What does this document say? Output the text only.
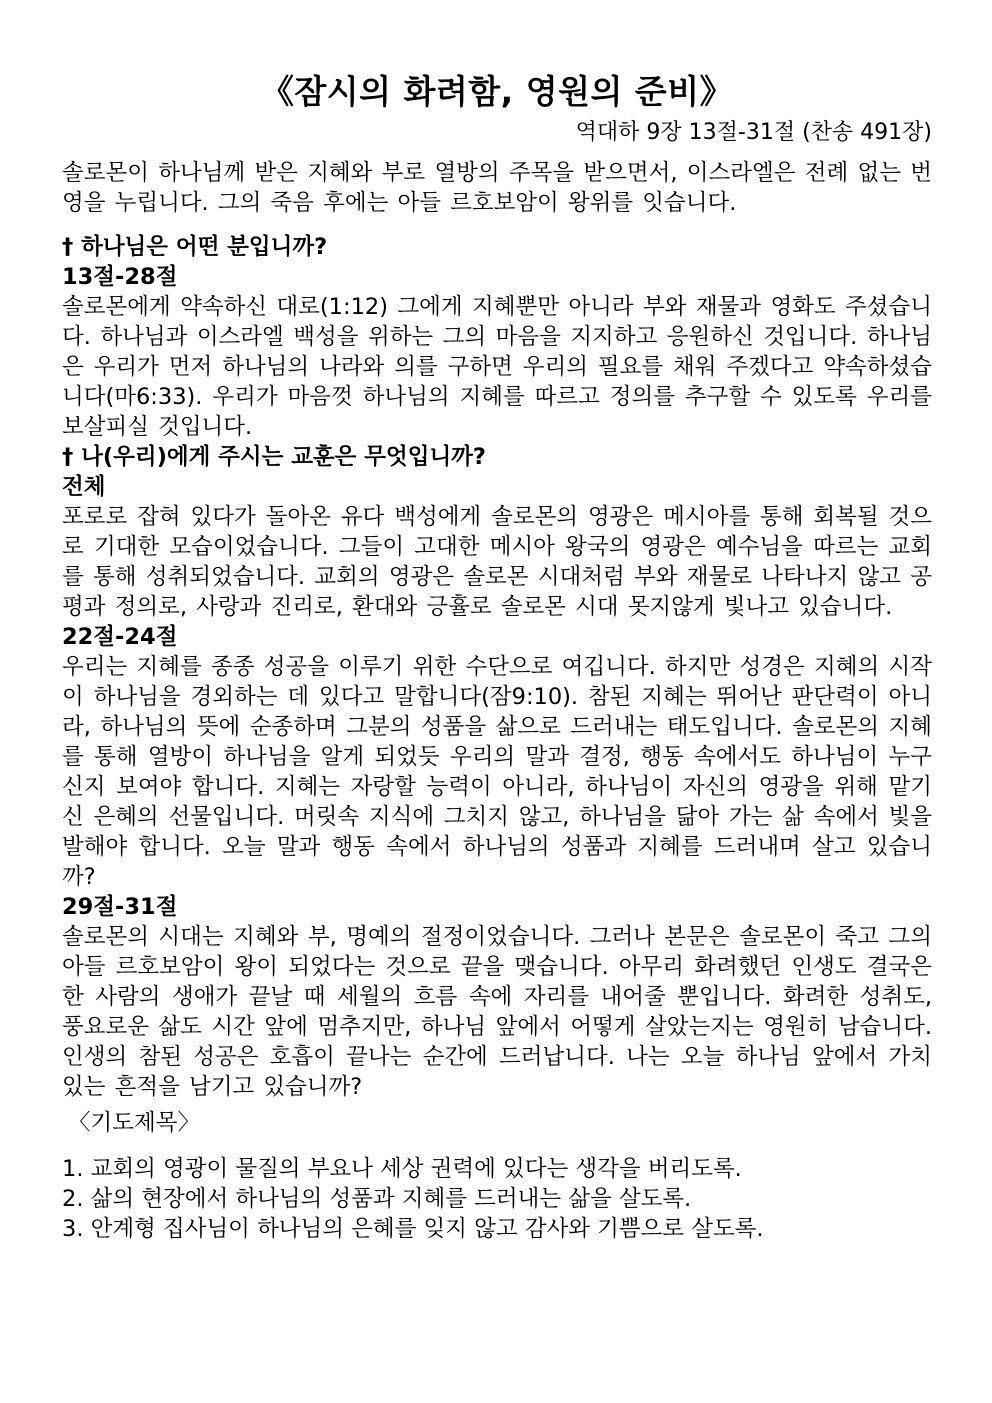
《잠시의 화려함, 영원의 준비》

역대하 9장 13절-31절 (찬송 491장)

솔로몬이 하나님께 받은 지혜와 부로 열방의 주목을 받으면서, 이스라엘은 전례 없는 번영을 누립니다. 그의 죽음 후에는 아들 르호보암이 왕위를 잇습니다.

† 하나님은 어떤 분입니까?

13절-28절

솔로몬에게 약속하신 대로(1:12) 그에게 지혜뿐만 아니라 부와 재물과 영화도 주셨습니다. 하나님과 이스라엘 백성을 위하는 그의 마음을 지지하고 응원하신 것입니다. 하나님은 우리가 먼저 하나님의 나라와 의를 구하면 우리의 필요를 채워 주겠다고 약속하셨습니다(마6:33). 우리가 마음껏 하나님의 지혜를 따르고 정의를 추구할 수 있도록 우리를 보살피실 것입니다.

† 나(우리)에게 주시는 교훈은 무엇입니까?

전체

포로로 잡혀 있다가 돌아온 유다 백성에게 솔로몬의 영광은 메시아를 통해 회복될 것으로 기대한 모습이었습니다. 그들이 고대한 메시아 왕국의 영광은 예수님을 따르는 교회를 통해 성취되었습니다. 교회의 영광은 솔로몬 시대처럼 부와 재물로 나타나지 않고 공평과 정의로, 사랑과 진리로, 환대와 긍휼로 솔로몬 시대 못지않게 빛나고 있습니다.

22절-24절

우리는 지혜를 종종 성공을 이루기 위한 수단으로 여깁니다. 하지만 성경은 지혜의 시작이 하나님을 경외하는 데 있다고 말합니다(잠9:10). 참된 지혜는 뛰어난 판단력이 아니라, 하나님의 뜻에 순종하며 그분의 성품을 삶으로 드러내는 태도입니다. 솔로몬의 지혜를 통해 열방이 하나님을 알게 되었듯 우리의 말과 결정, 행동 속에서도 하나님이 누구신지 보여야 합니다. 지혜는 자랑할 능력이 아니라, 하나님이 자신의 영광을 위해 맡기신 은혜의 선물입니다. 머릿속 지식에 그치지 않고, 하나님을 닮아 가는 삶 속에서 빛을 발해야 합니다. 오늘 말과 행동 속에서 하나님의 성품과 지혜를 드러내며 살고 있습니까?

29절-31절

솔로몬의 시대는 지혜와 부, 명예의 절정이었습니다. 그러나 본문은 솔로몬이 죽고 그의 아들 르호보암이 왕이 되었다는 것으로 끝을 맺습니다. 아무리 화려했던 인생도 결국은 한 사람의 생애가 끝날 때 세월의 흐름 속에 자리를 내어줄 뿐입니다. 화려한 성취도, 풍요로운 삶도 시간 앞에 멈추지만, 하나님 앞에서 어떻게 살았는지는 영원히 남습니다. 인생의 참된 성공은 호흡이 끝나는 순간에 드러납니다. 나는 오늘 하나님 앞에서 가치 있는 흔적을 남기고 있습니까?

〈기도제목〉

1. 교회의 영광이 물질의 부요나 세상 권력에 있다는 생각을 버리도록.
2. 삶의 현장에서 하나님의 성품과 지혜를 드러내는 삶을 살도록.
3. 안계형 집사님이 하나님의 은혜를 잊지 않고 감사와 기쁨으로 살도록.
